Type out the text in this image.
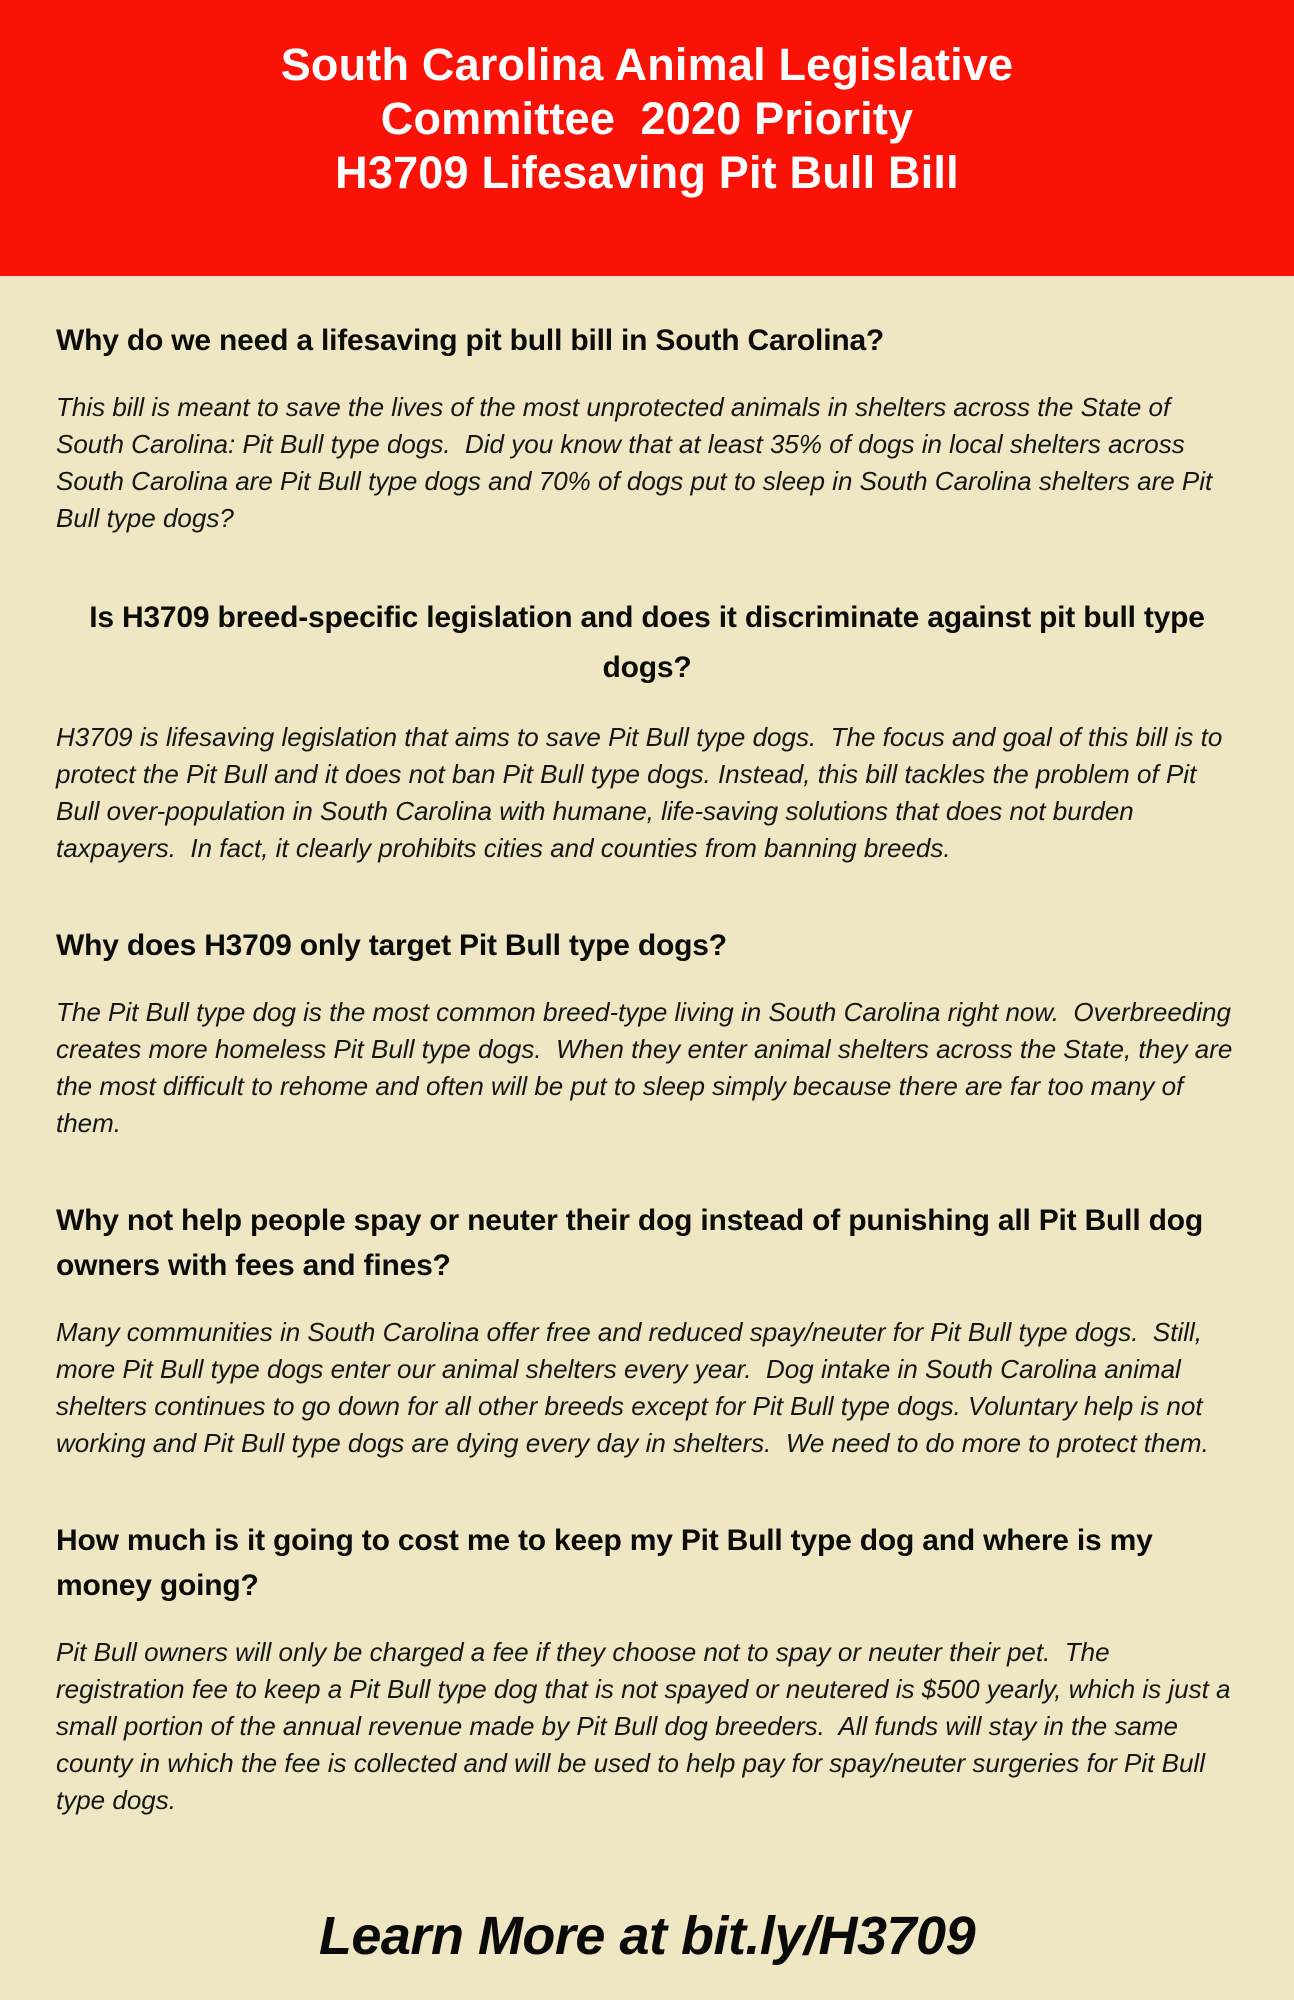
South Carolina Animal Legislative
Committee  2020 Priority
H3709 Lifesaving Pit Bull Bill
Why do we need a lifesaving pit bull bill in South Carolina?

This bill is meant to save the lives of the most unprotected animals in shelters across the State of South Carolina: Pit Bull type dogs.  Did you know that at least 35% of dogs in local shelters across South Carolina are Pit Bull type dogs and 70% of dogs put to sleep in South Carolina shelters are Pit Bull type dogs?

Is H3709 breed-specific legislation and does it discriminate against pit bull type dogs?

H3709 is lifesaving legislation that aims to save Pit Bull type dogs.  The focus and goal of this bill is to protect the Pit Bull and it does not ban Pit Bull type dogs. Instead, this bill tackles the problem of Pit Bull over-population in South Carolina with humane, life-saving solutions that does not burden taxpayers.  In fact, it clearly prohibits cities and counties from banning breeds.

Why does H3709 only target Pit Bull type dogs?

The Pit Bull type dog is the most common breed-type living in South Carolina right now.  Overbreeding creates more homeless Pit Bull type dogs.  When they enter animal shelters across the State, they are the most difficult to rehome and often will be put to sleep simply because there are far too many of them.

Why not help people spay or neuter their dog instead of punishing all Pit Bull dog owners with fees and fines?

Many communities in South Carolina offer free and reduced spay/neuter for Pit Bull type dogs.  Still, more Pit Bull type dogs enter our animal shelters every year.  Dog intake in South Carolina animal shelters continues to go down for all other breeds except for Pit Bull type dogs. Voluntary help is not working and Pit Bull type dogs are dying every day in shelters.  We need to do more to protect them.

How much is it going to cost me to keep my Pit Bull type dog and where is my money going?

Pit Bull owners will only be charged a fee if they choose not to spay or neuter their pet.  The registration fee to keep a Pit Bull type dog that is not spayed or neutered is $500 yearly, which is just a small portion of the annual revenue made by Pit Bull dog breeders.  All funds will stay in the same county in which the fee is collected and will be used to help pay for spay/neuter surgeries for Pit Bull type dogs.

Learn More at bit.ly/H3709
